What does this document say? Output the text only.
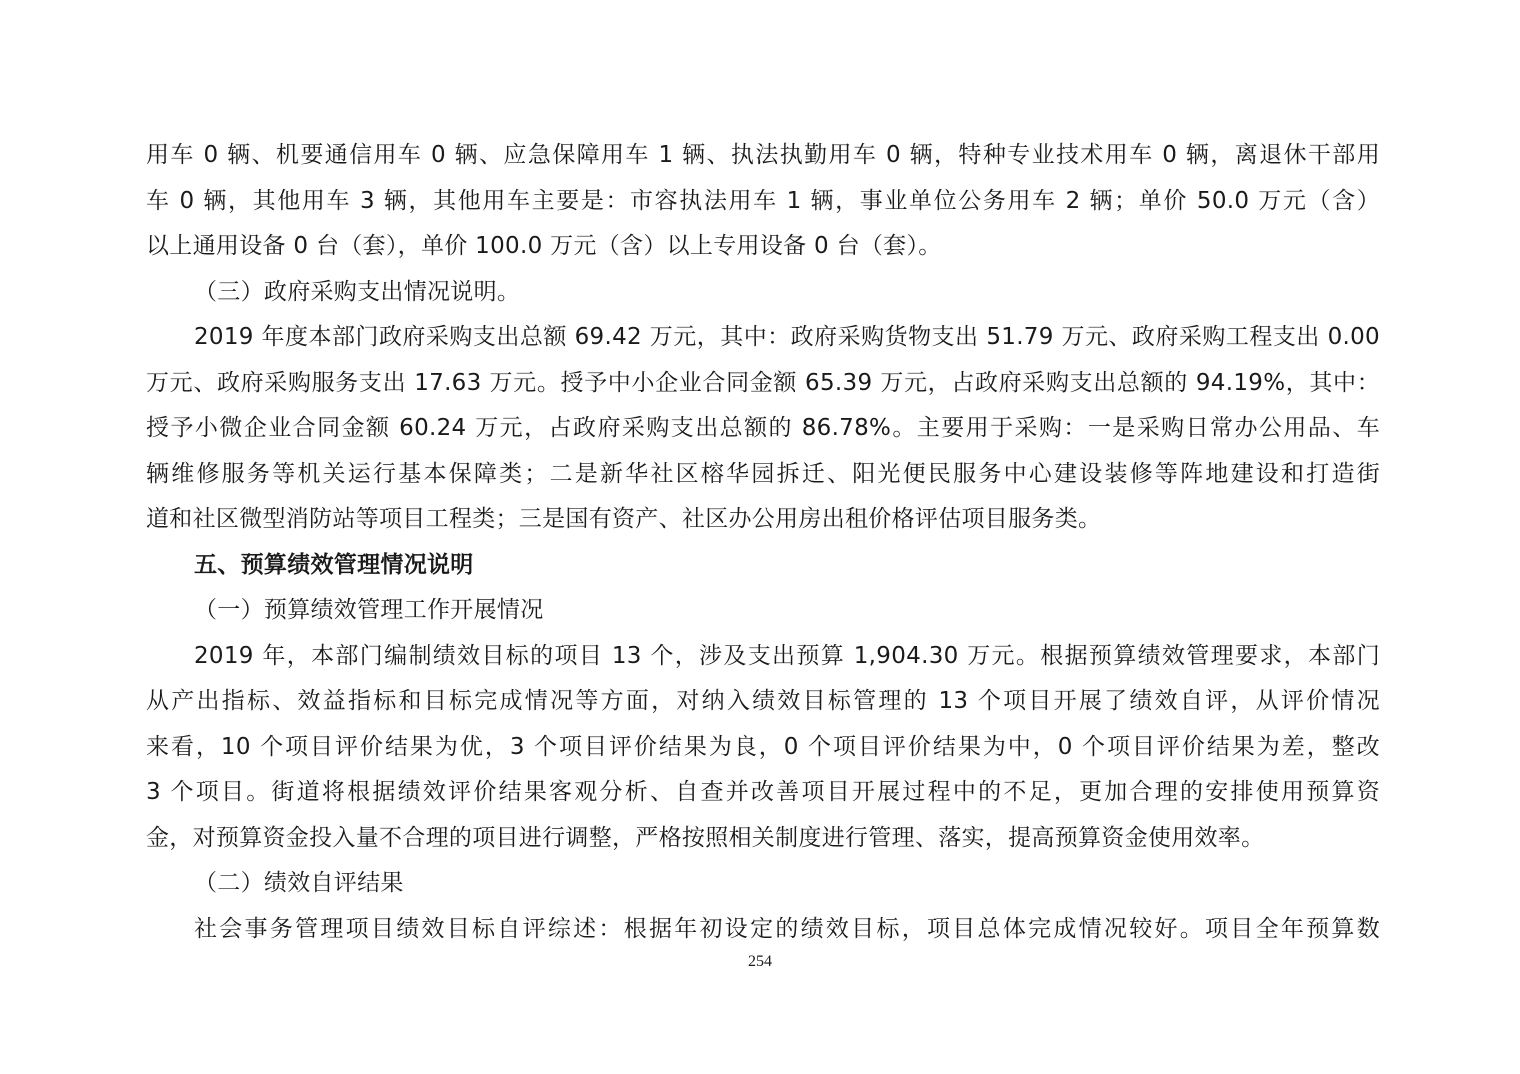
用车 0 辆、机要通信用车 0 辆、应急保障用车 1 辆、执法执勤用车 0 辆，特种专业技术用车 0 辆，离退休干部用
车 0 辆，其他用车 3 辆，其他用车主要是：市容执法用车 1 辆，事业单位公务用车 2 辆；单价 50.0 万元（含）
以上通用设备 0 台（套），单价 100.0 万元（含）以上专用设备 0 台（套）。
（三）政府采购支出情况说明。
2019 年度本部门政府采购支出总额 69.42 万元，其中：政府采购货物支出 51.79 万元、政府采购工程支出 0.00
万元、政府采购服务支出 17.63 万元。授予中小企业合同金额 65.39 万元，占政府采购支出总额的 94.19%，其中：
授予小微企业合同金额 60.24 万元，占政府采购支出总额的 86.78%。主要用于采购：一是采购日常办公用品、车
辆维修服务等机关运行基本保障类；二是新华社区榕华园拆迁、阳光便民服务中心建设装修等阵地建设和打造街
道和社区微型消防站等项目工程类；三是国有资产、社区办公用房出租价格评估项目服务类。
五、预算绩效管理情况说明
（一）预算绩效管理工作开展情况
2019 年，本部门编制绩效目标的项目 13 个，涉及支出预算 1,904.30 万元。根据预算绩效管理要求，本部门
从产出指标、效益指标和目标完成情况等方面，对纳入绩效目标管理的 13 个项目开展了绩效自评，从评价情况
来看，10 个项目评价结果为优，3 个项目评价结果为良，0 个项目评价结果为中，0 个项目评价结果为差，整改
3 个项目。街道将根据绩效评价结果客观分析、自查并改善项目开展过程中的不足，更加合理的安排使用预算资
金，对预算资金投入量不合理的项目进行调整，严格按照相关制度进行管理、落实，提高预算资金使用效率。
（二）绩效自评结果
社会事务管理项目绩效目标自评综述：根据年初设定的绩效目标，项目总体完成情况较好。项目全年预算数
254
